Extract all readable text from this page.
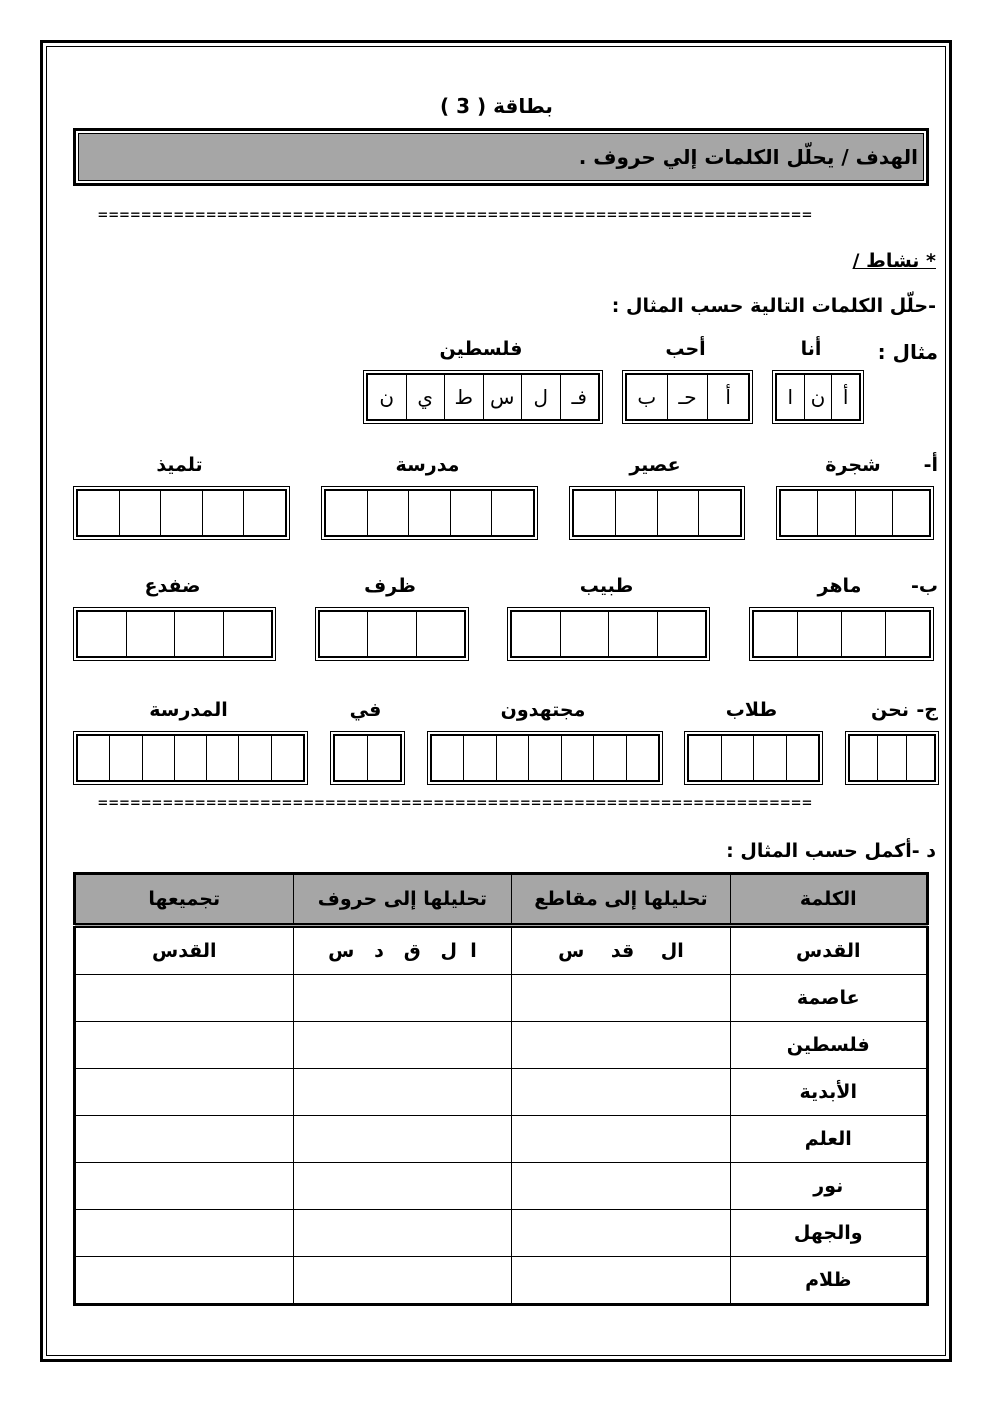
بطاقة ( 3 )
الهدف / يحلّل الكلمات إلي حروف .
==================================================================
* نشاط /
-حلّل الكلمات التالية حسب المثال :
مثال :
أنا
أ
ن
ا
أحب
أ
حـ
ب
فلسطين
فـ
ل
س
ط
ي
ن
أ-
شجرة
عصير
مدرسة
تلميذ
ب-
ماهر
طبيب
ظرف
ضفدع
ج-
نحن
طلاب
مجتهدون
في
المدرسة
==================================================================
د -أكمل حسب المثال :
الكلمة	تحليلها إلى مقاطع	تحليلها إلى حروف	تجميعها
القدس	ال    قد    س	ا  ل   ق   د   س	القدس
عاصمة			
فلسطين			
الأبدية			
العلم			
نور			
والجهل			
ظلام			
